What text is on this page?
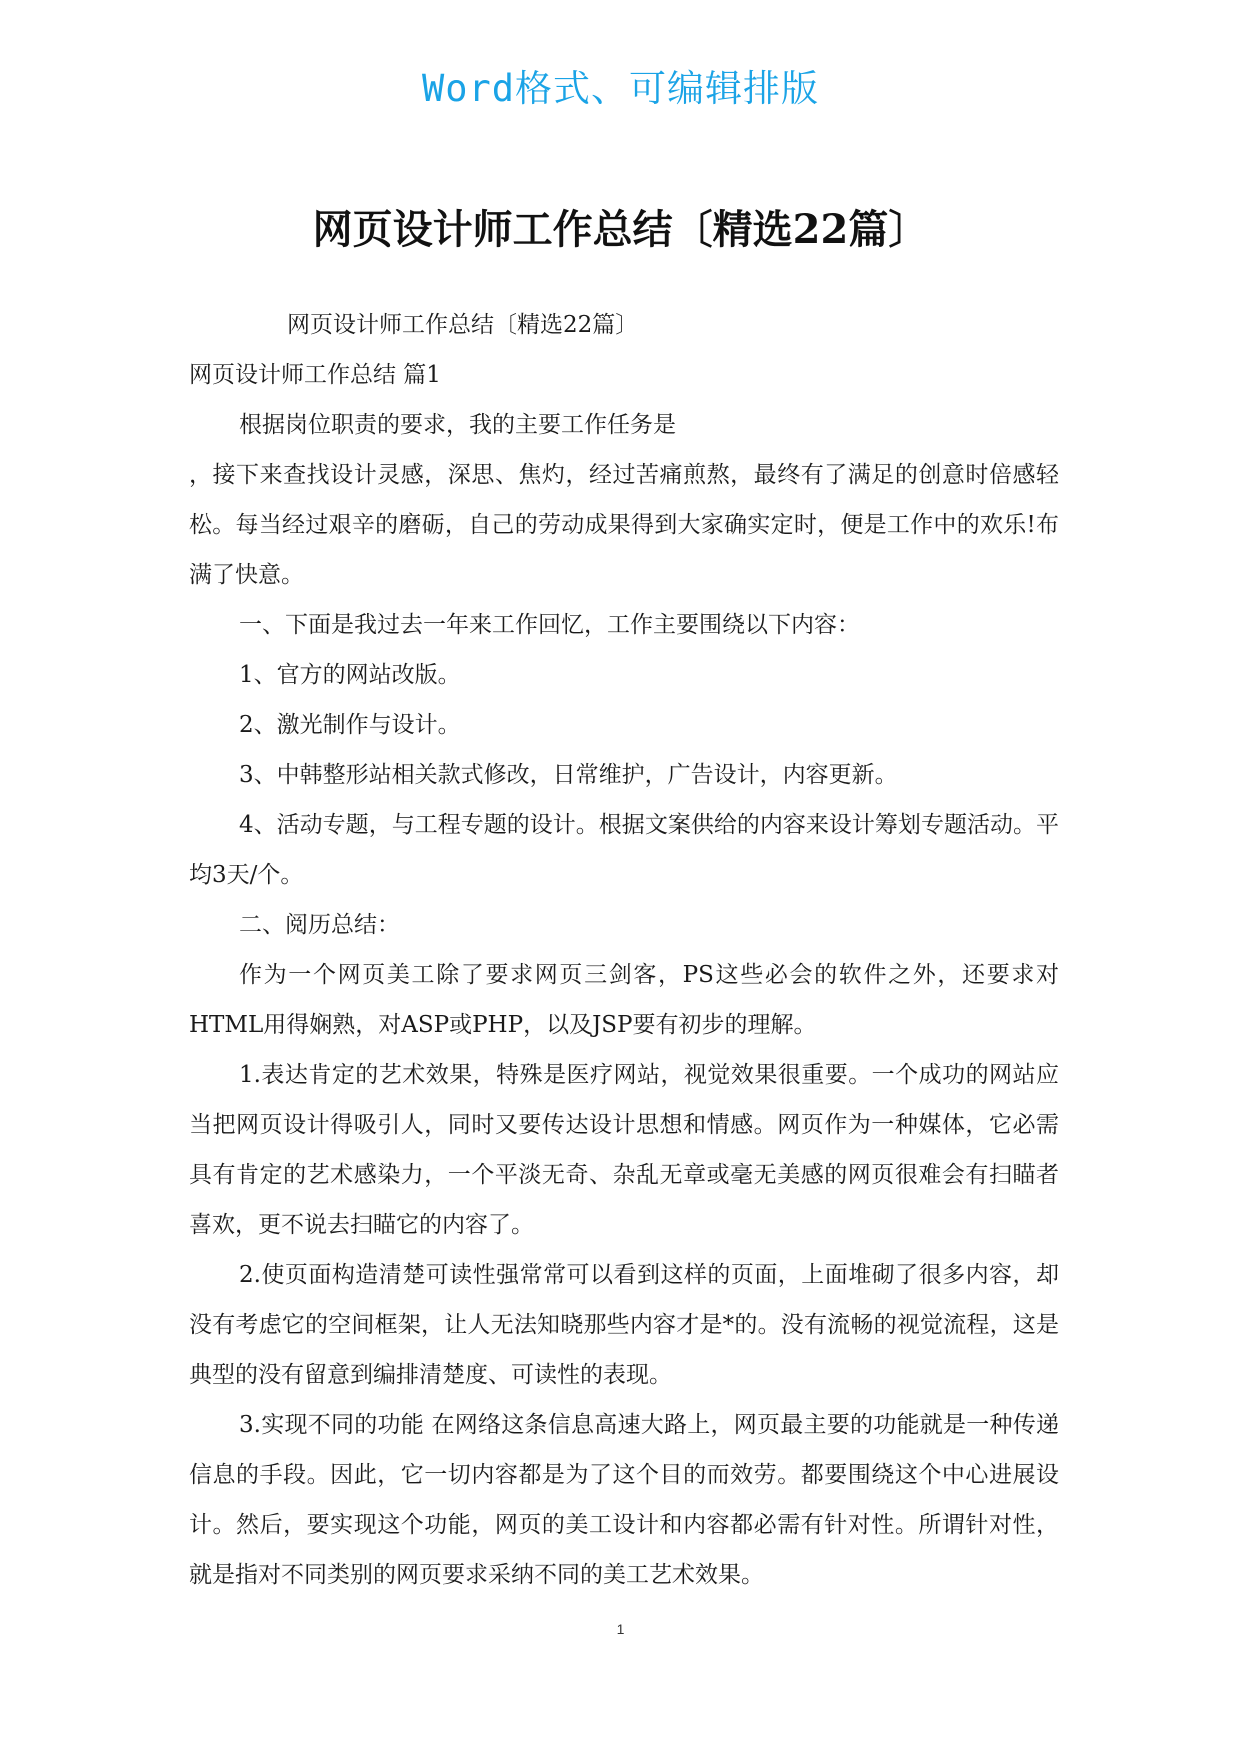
Word格式、可编辑排版
网页设计师工作总结〔精选22篇〕

网页设计师工作总结〔精选22篇〕

网页设计师工作总结 篇1

根据岗位职责的要求，我的主要工作任务是

，接下来查找设计灵感，深思、焦灼，经过苦痛煎熬，最终有了满足的创意时倍感轻松。每当经过艰辛的磨砺，自己的劳动成果得到大家确实定时，便是工作中的欢乐!布满了快意。

一、下面是我过去一年来工作回忆，工作主要围绕以下内容：

1、官方的网站改版。

2、激光制作与设计。

3、中韩整形站相关款式修改，日常维护，广告设计，内容更新。

4、活动专题，与工程专题的设计。根据文案供给的内容来设计筹划专题活动。平均3天/个。

二、阅历总结：

作为一个网页美工除了要求网页三剑客，PS这些必会的软件之外，还要求对HTML用得娴熟，对ASP或PHP，以及JSP要有初步的理解。

1.表达肯定的艺术效果，特殊是医疗网站，视觉效果很重要。一个成功的网站应当把网页设计得吸引人，同时又要传达设计思想和情感。网页作为一种媒体，它必需具有肯定的艺术感染力，一个平淡无奇、杂乱无章或毫无美感的网页很难会有扫瞄者喜欢，更不说去扫瞄它的内容了。

2.使页面构造清楚可读性强常常可以看到这样的页面，上面堆砌了很多内容，却没有考虑它的空间框架，让人无法知晓那些内容才是*的。没有流畅的视觉流程，这是典型的没有留意到编排清楚度、可读性的表现。

3.实现不同的功能 在网络这条信息高速大路上，网页最主要的功能就是一种传递信息的手段。因此，它一切内容都是为了这个目的而效劳。都要围绕这个中心进展设计。然后，要实现这个功能，网页的美工设计和内容都必需有针对性。所谓针对性，就是指对不同类别的网页要求采纳不同的美工艺术效果。

1
